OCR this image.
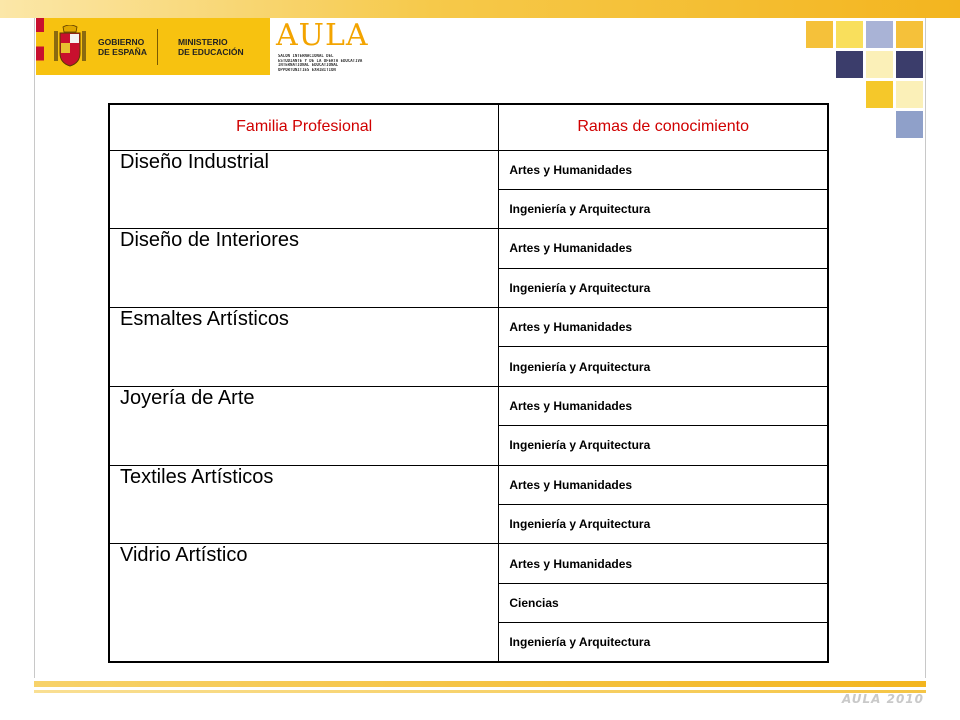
GOBIERNO
DE ESPAÑA
MINISTERIO
DE EDUCACIÓN AULA
SALÓN INTERNACIONAL DEL
ESTUDIANTE Y DE LA OFERTA EDUCATIVA
INTERNATIONAL EDUCATIONAL
OPPORTUNITIES EXHIBITION
Familia Profesional	Ramas de conocimiento
Diseño Industrial	Artes y Humanidades
	Ingeniería y Arquitectura
Diseño de Interiores	Artes y Humanidades
	Ingeniería y Arquitectura
Esmaltes Artísticos	Artes y Humanidades
	Ingeniería y Arquitectura
Joyería de Arte	Artes y Humanidades
	Ingeniería y Arquitectura
Textiles Artísticos	Artes y Humanidades
	Ingeniería y Arquitectura
Vidrio Artístico	Artes y Humanidades
	Ciencias
	Ingeniería y Arquitectura
AULA 2010
